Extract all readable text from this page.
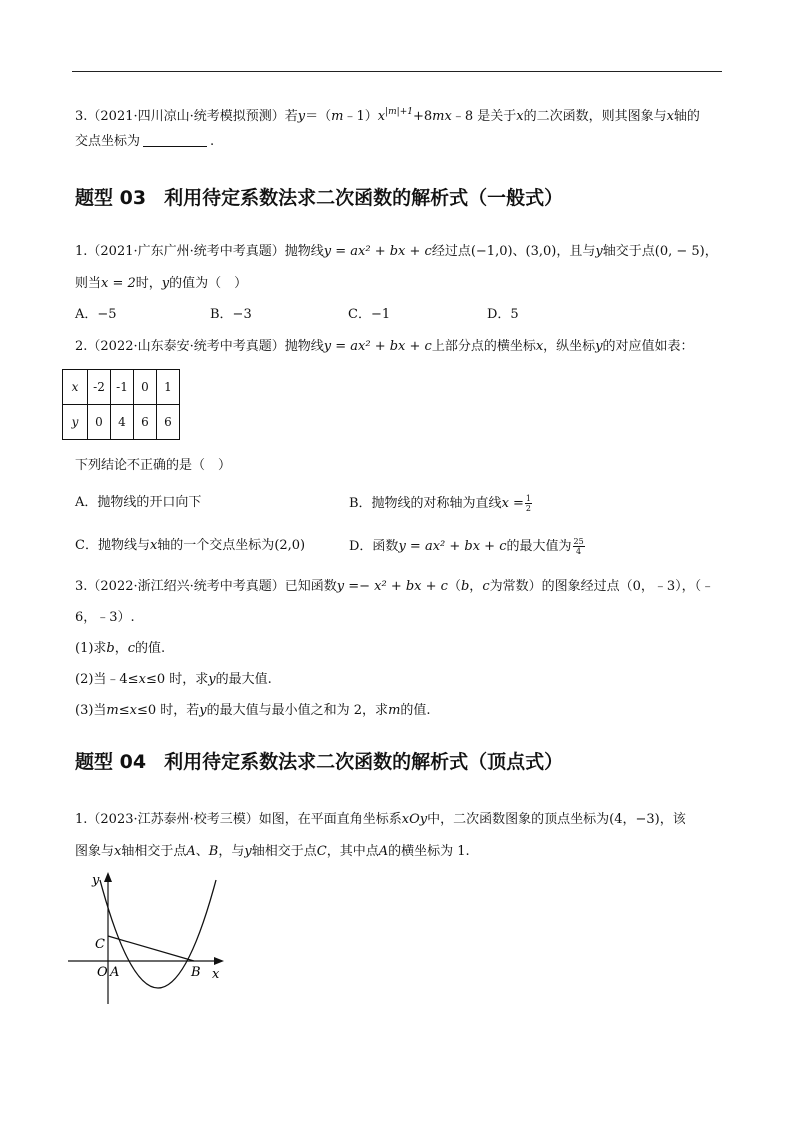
3.（2021·四川凉山·统考模拟预测）若$y=(m﹣1)x^{|m|+1}+8mx﹣8$ 是关于x的二次函数，则其图象与x轴的
交点坐标为	.
题型 03 利用待定系数法求二次函数的解析式（一般式）
1.（2021·广东广州·统考中考真题）抛物线y = ax² + bx + c经过点(−1,0)、(3,0)，且与y轴交于点(0, − 5)，
则当x = 2时，y的值为（　）
A．−5	B．−3	C．−1	D．5
2.（2022·山东泰安·统考中考真题）抛物线y = ax² + bx + c上部分点的横坐标x，纵坐标y的对应值如表：
x	-2	-1	0	1
y	0	4	6	6
下列结论不正确的是（　）
A．抛物线的开口向下	B．抛物线的对称轴为直线$x = \frac{1}{2}$
C．抛物线与x轴的一个交点坐标为(2,0)	D．函数y = ax² + bx + c的最大值为 $\frac{25}{4}$
3.（2022·浙江绍兴·统考中考真题）已知函数y =− x² + bx + c（b，c为常数）的图象经过点（0，﹣3），（﹣
6，﹣3）.
(1)求b，c的值.
(2)当﹣4≤x≤0 时，求y的最大值.
(3)当m≤x≤0 时，若y的最大值与最小值之和为 2，求m的值.
题型 04 利用待定系数法求二次函数的解析式（顶点式）
1.（2023·江苏泰州·校考三模）如图，在平面直角坐标系xOy中，二次函数图象的顶点坐标为(4，−3)，该
图象与x轴相交于点A、B，与y轴相交于点C，其中点A的横坐标为 1.
y
x
C
O A	B
